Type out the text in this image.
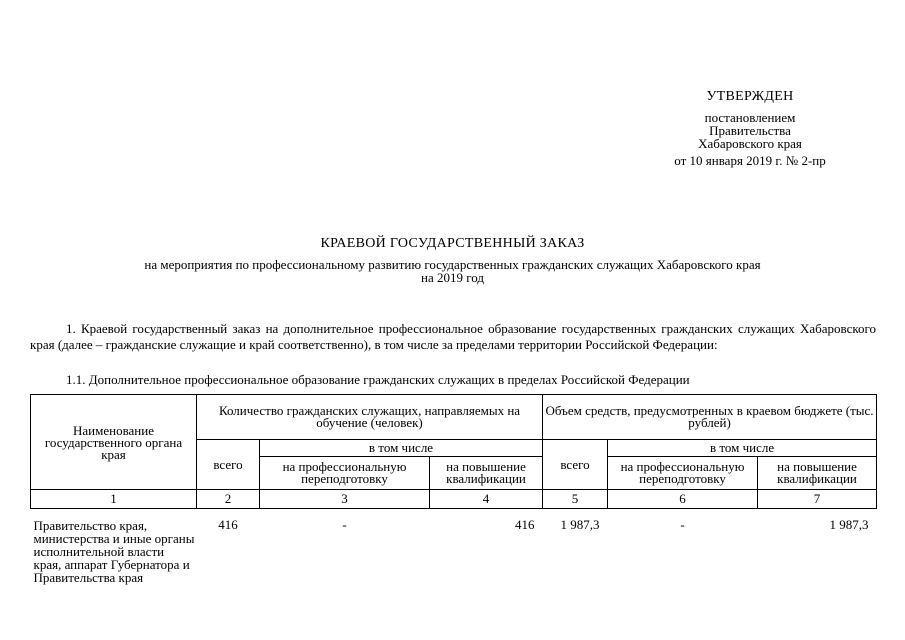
УТВЕРЖДЕН
постановлением
Правительства
Хабаровского края
от 10 января 2019 г. № 2-пр
КРАЕВОЙ ГОСУДАРСТВЕННЫЙ ЗАКАЗ
на мероприятия по профессиональному развитию государственных гражданских служащих Хабаровского края
на 2019 год
1. Краевой государственный заказ на дополнительное профессиональное образование государственных гражданских служащих Хабаровского края (далее – гражданские служащие и край соответственно), в том числе за пределами территории Российской Федерации:
1.1. Дополнительное профессиональное образование гражданских служащих в пределах Российской Федерации
Наименование государственного органа края	Количество гражданских служащих, направляемых на обучение (человек)			Объем средств, предусмотренных в краевом бюджете (тыс. рублей)		
	всего	в том числе		всего	в том числе	
		на профессиональную переподготовку	на повышение квалификации		на профессиональную переподготовку	на повышение квалификации
1	2	3	4	5	6	7
Правительство края, министерства и иные органы исполнительной власти края, аппарат Губернатора и Правительства края	416	-	416	1 987,3	-	1 987,3
